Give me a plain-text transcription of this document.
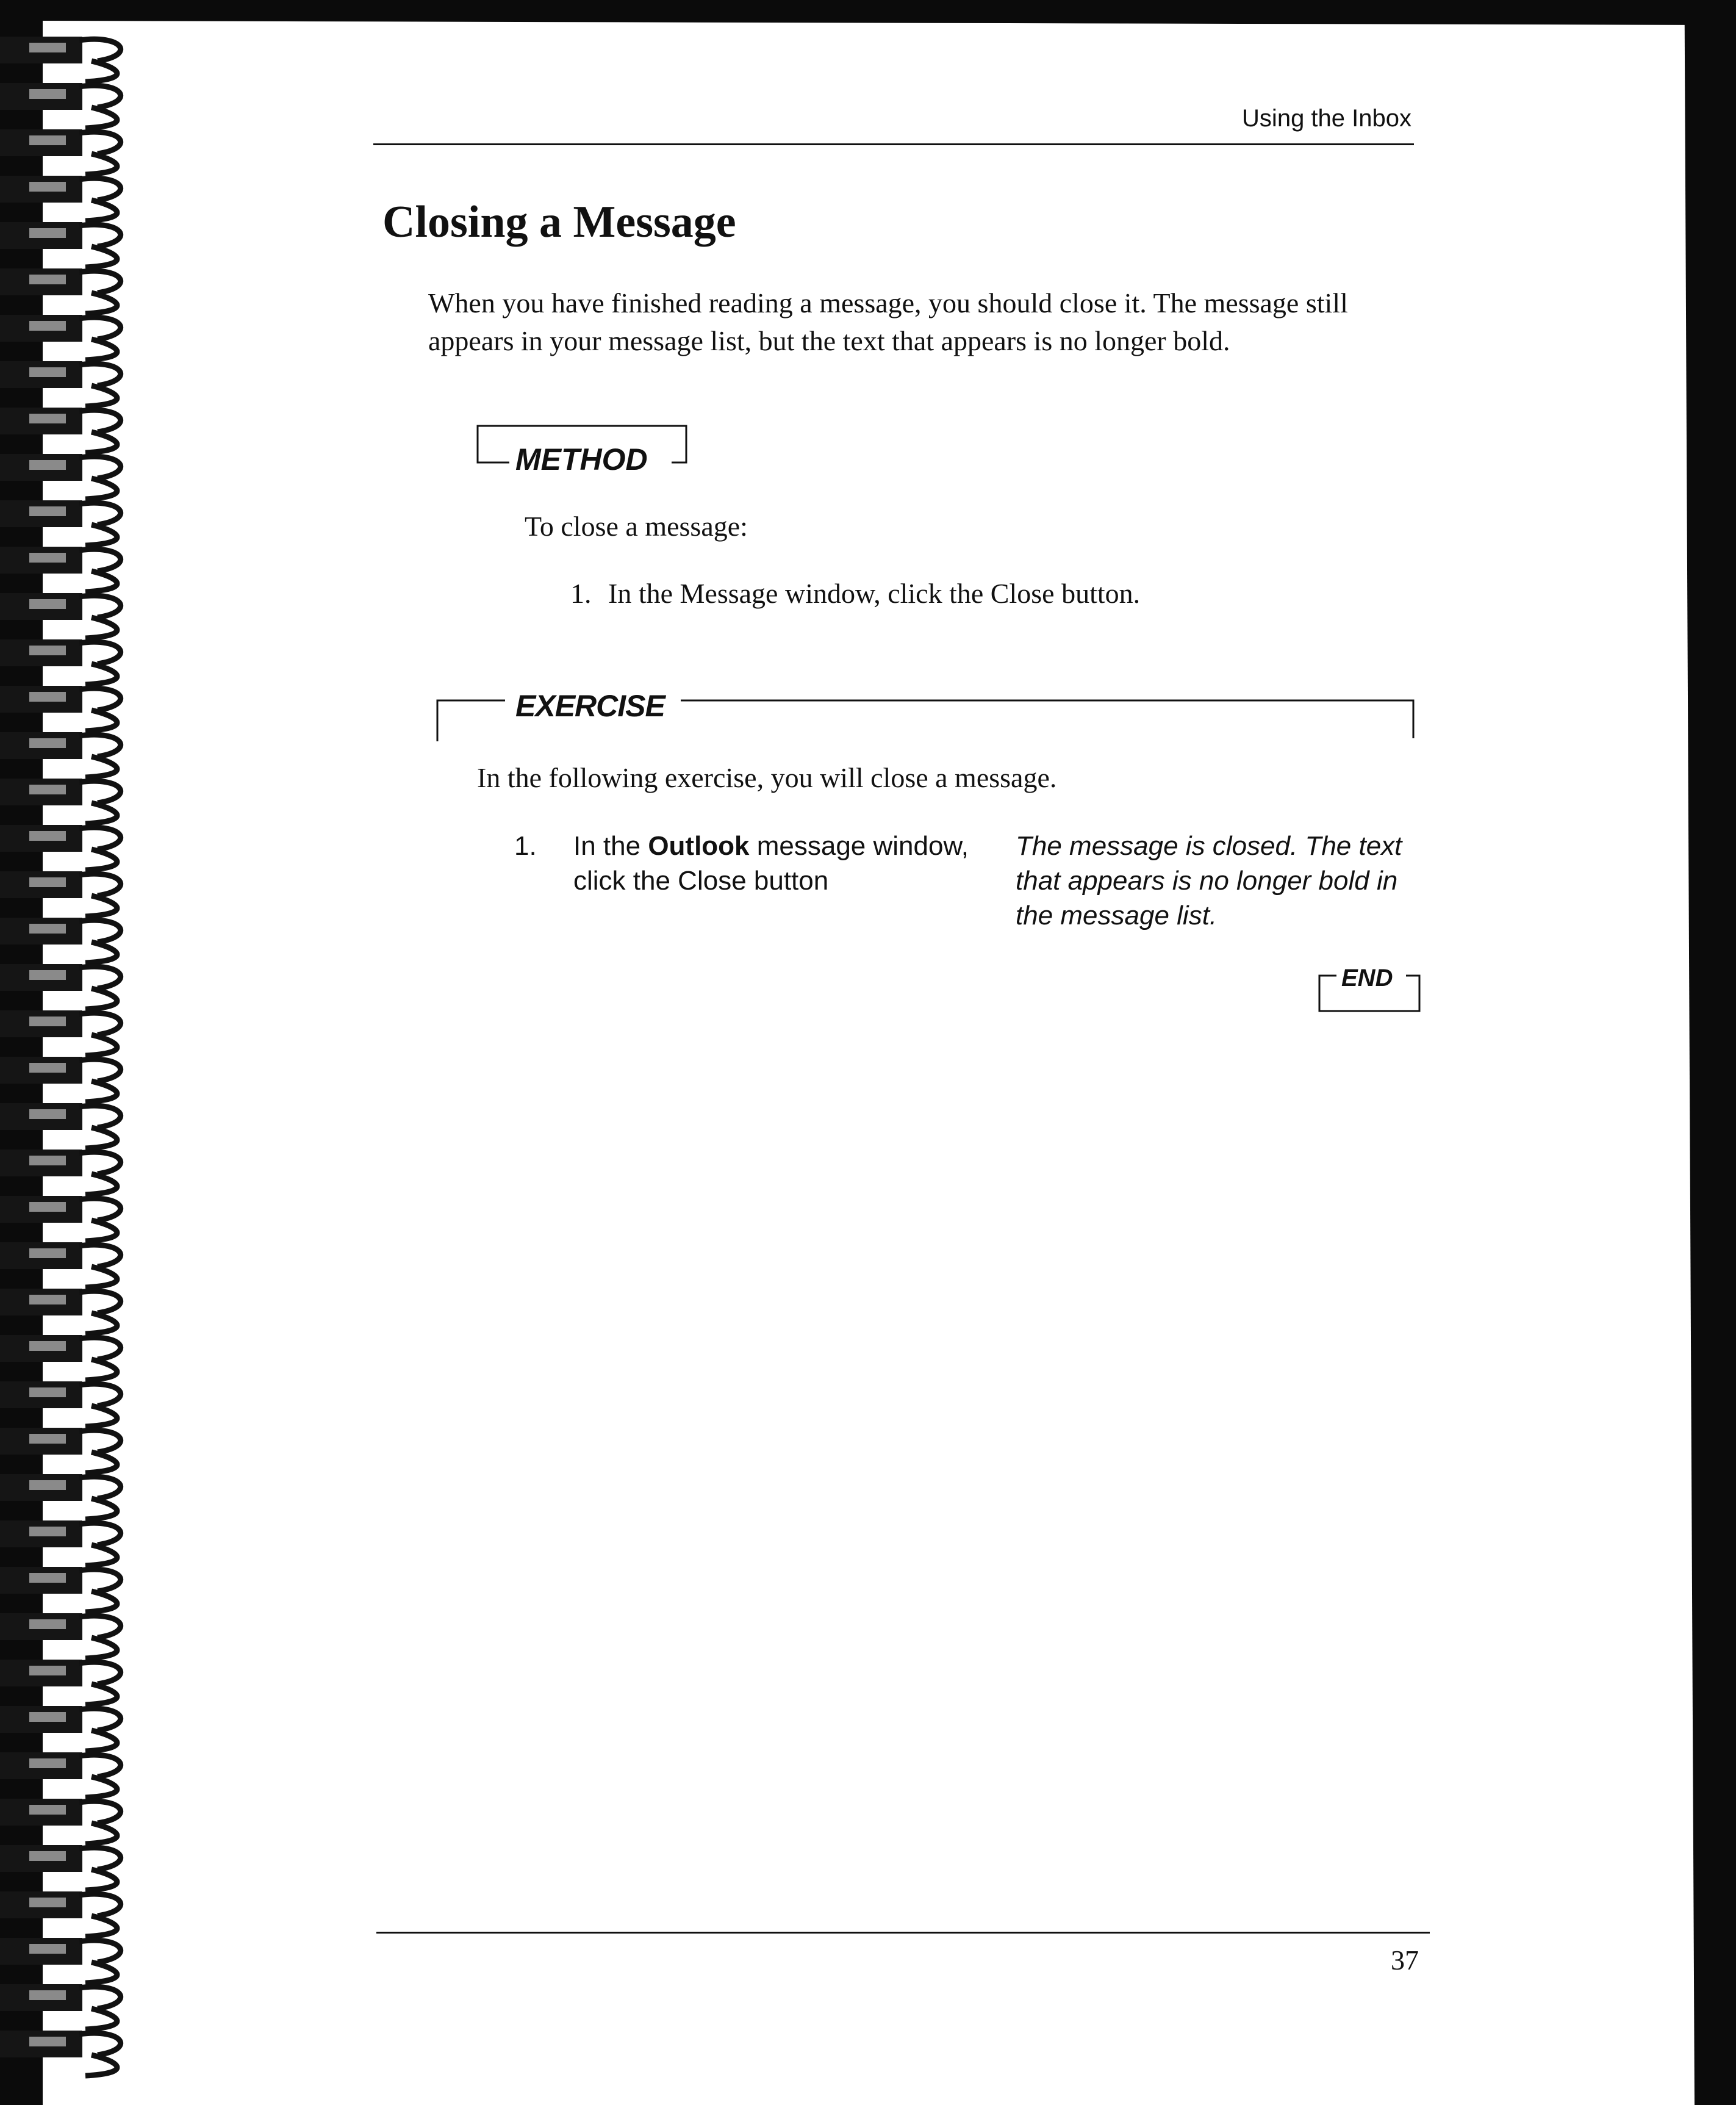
Using the Inbox
Closing a Message
When you have finished reading a message, you should close it. The message still appears in your message list, but the text that appears is no longer bold.
METHOD
To close a message:
1. In the Message window, click the Close button.
EXERCISE
In the following exercise, you will close a message.
1. In the Outlook message window, click the Close button
The message is closed. The text that appears is no longer bold in the message list.
END
37
